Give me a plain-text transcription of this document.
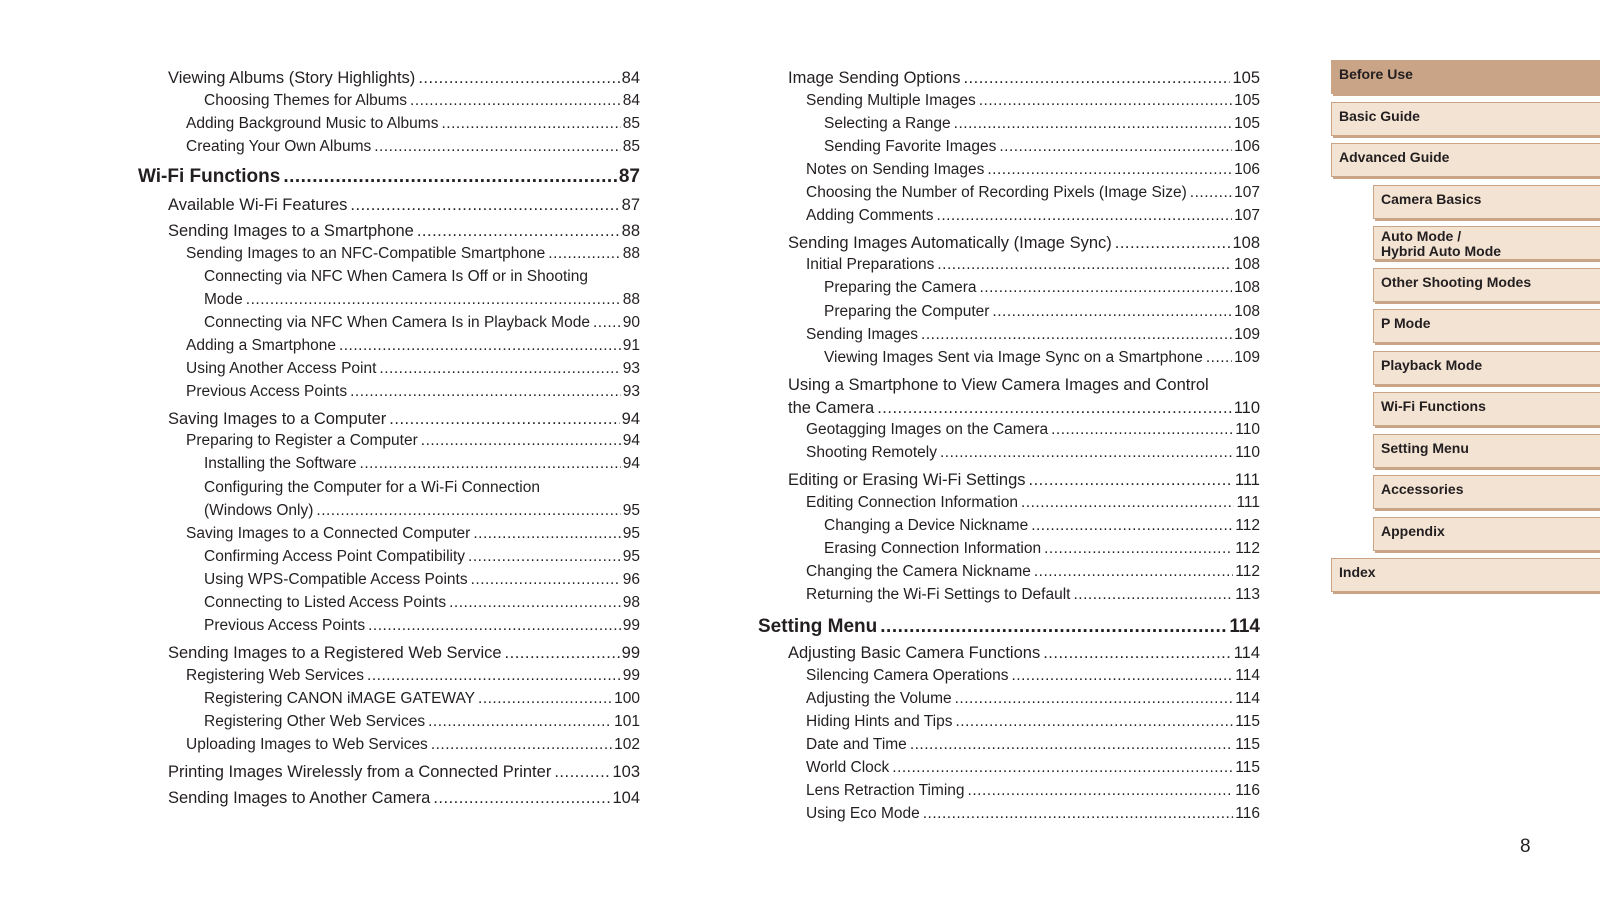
Viewing Albums (Story Highlights) .....	84
Choosing Themes for Albums .....	84
Adding Background Music to Albums .....	85
Creating Your Own Albums .....	85
Wi-Fi Functions .....	87
Available Wi-Fi Features .....	87
Sending Images to a Smartphone .....	88
Sending Images to an NFC-Compatible Smartphone .....	88
Connecting via NFC When Camera Is Off or in Shooting
Mode .....	88
Connecting via NFC When Camera Is in Playback Mode ..... 90
Adding a Smartphone .....	91
Using Another Access Point .....	93
Previous Access Points .....	93
Saving Images to a Computer .....	94
Preparing to Register a Computer .....	94
Installing the Software .....	94
Configuring the Computer for a Wi-Fi Connection
(Windows Only) .....	95
Saving Images to a Connected Computer .....	95
Confirming Access Point Compatibility .....	95
Using WPS-Compatible Access Points .....	96
Connecting to Listed Access Points .....	98
Previous Access Points .....	99
Sending Images to a Registered Web Service .....	99
Registering Web Services .....	99
Registering CANON iMAGE GATEWAY .....	100
Registering Other Web Services .....	101
Uploading Images to Web Services .....	102
Printing Images Wirelessly from a Connected Printer .....	103
Sending Images to Another Camera .....	104
Image Sending Options .....	105
Sending Multiple Images .....	105
Selecting a Range .....	105
Sending Favorite Images .....	106
Notes on Sending Images .....	106
Choosing the Number of Recording Pixels (Image Size) .....	107
Adding Comments .....	107
Sending Images Automatically (Image Sync) .....	108
Initial Preparations .....	108
Preparing the Camera .....	108
Preparing the Computer .....	108
Sending Images .....	109
Viewing Images Sent via Image Sync on a Smartphone ..... 109
Using a Smartphone to View Camera Images and Control
the Camera .....	110
Geotagging Images on the Camera .....	110
Shooting Remotely .....	110
Editing or Erasing Wi-Fi Settings .....	111
Editing Connection Information .....	111
Changing a Device Nickname .....	112
Erasing Connection Information .....	112
Changing the Camera Nickname .....	112
Returning the Wi-Fi Settings to Default .....	113
Setting Menu .....	114
Adjusting Basic Camera Functions .....	114
Silencing Camera Operations .....	114
Adjusting the Volume .....	114
Hiding Hints and Tips .....	115
Date and Time .....	115
World Clock .....	115
Lens Retraction Timing .....	116
Using Eco Mode .....	116
Before Use
Basic Guide
Advanced Guide
Camera Basics
Auto Mode /
Hybrid Auto Mode
Other Shooting Modes
P Mode
Playback Mode
Wi-Fi Functions
Setting Menu
Accessories
Appendix
Index
8
